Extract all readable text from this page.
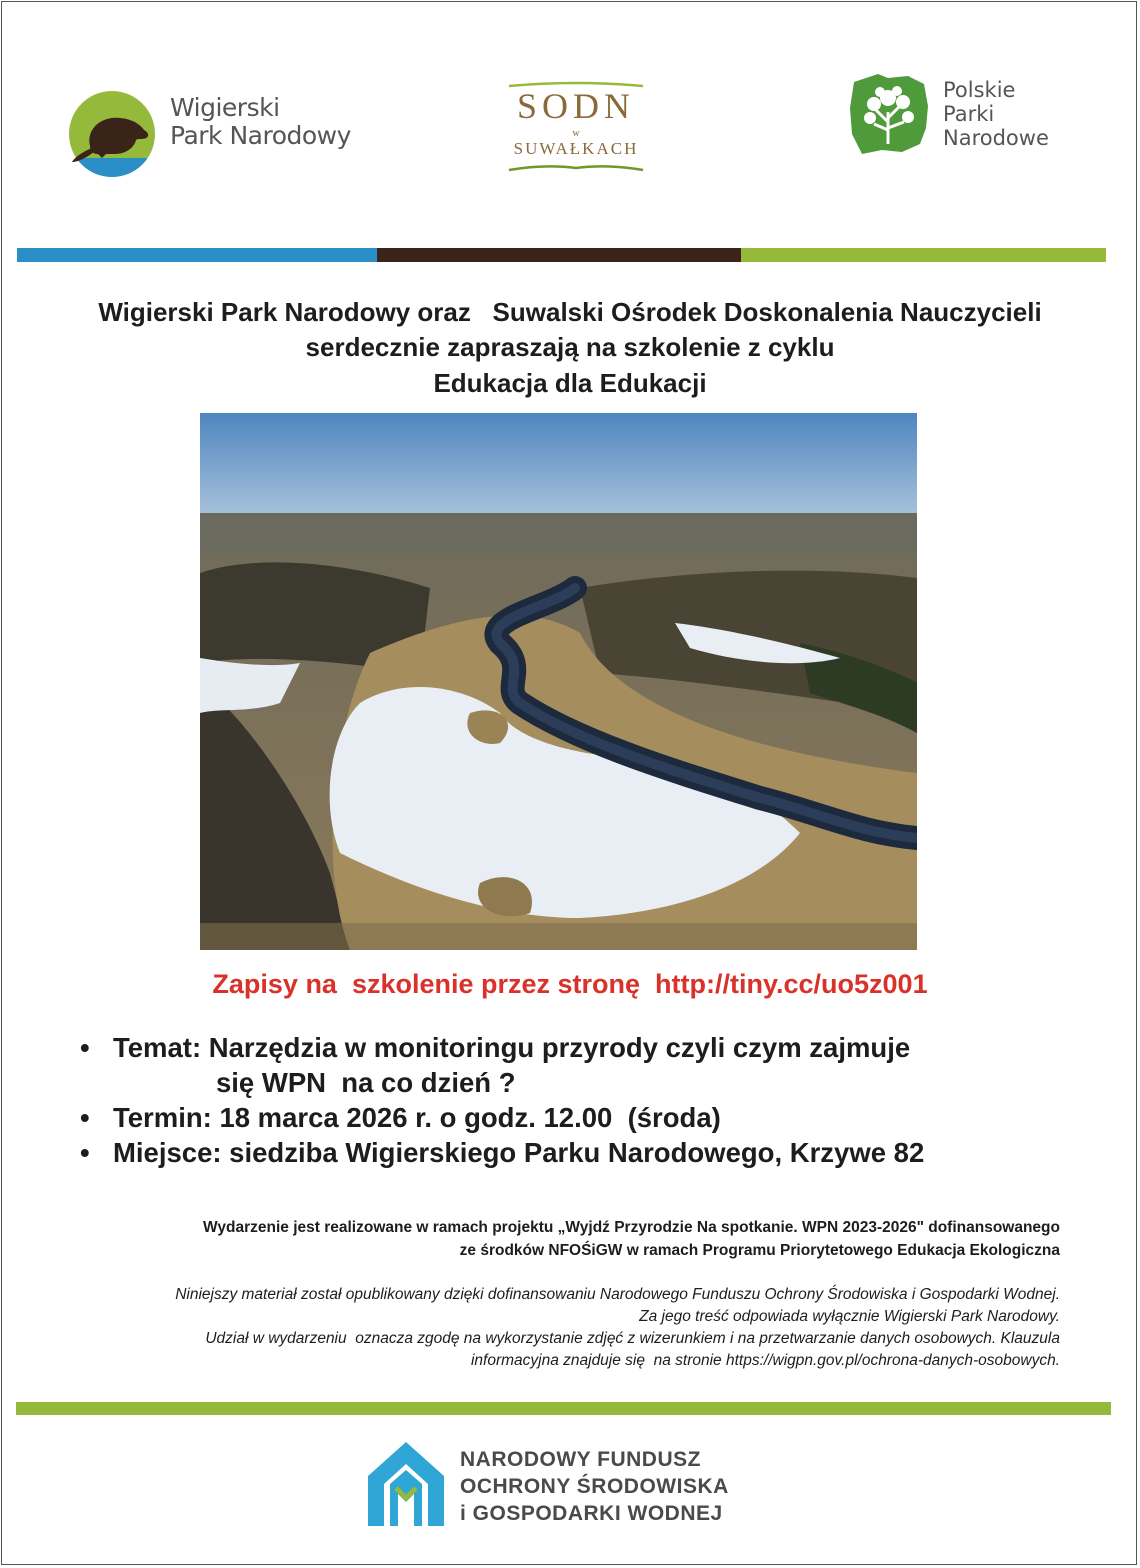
Wigierski
Park Narodowy
SODN
w
SUWAŁKACH
Polskie
Parki
Narodowe
Wigierski Park Narodowy oraz   Suwalski Ośrodek Doskonalenia Nauczycieli
serdecznie zapraszają na szkolenie z cyklu
Edukacja dla Edukacji
Zapisy na  szkolenie przez stronę  http://tiny.cc/uo5z001
• Temat: Narzędzia w monitoringu przyrody czyli czym zajmuje
się WPN  na co dzień ?
• Termin: 18 marca 2026 r. o godz. 12.00  (środa)
• Miejsce: siedziba Wigierskiego Parku Narodowego, Krzywe 82
Wydarzenie jest realizowane w ramach projektu „Wyjdź Przyrodzie Na spotkanie. WPN 2023-2026" dofinansowanego
ze środków NFOŚiGW w ramach Programu Priorytetowego Edukacja Ekologiczna
Niniejszy materiał został opublikowany dzięki dofinansowaniu Narodowego Funduszu Ochrony Środowiska i Gospodarki Wodnej.
Za jego treść odpowiada wyłącznie Wigierski Park Narodowy.
Udział w wydarzeniu  oznacza zgodę na wykorzystanie zdjęć z wizerunkiem i na przetwarzanie danych osobowych. Klauzula
informacyjna znajduje się  na stronie https://wigpn.gov.pl/ochrona-danych-osobowych.
NARODOWY FUNDUSZ
OCHRONY ŚRODOWISKA
i GOSPODARKI WODNEJ
